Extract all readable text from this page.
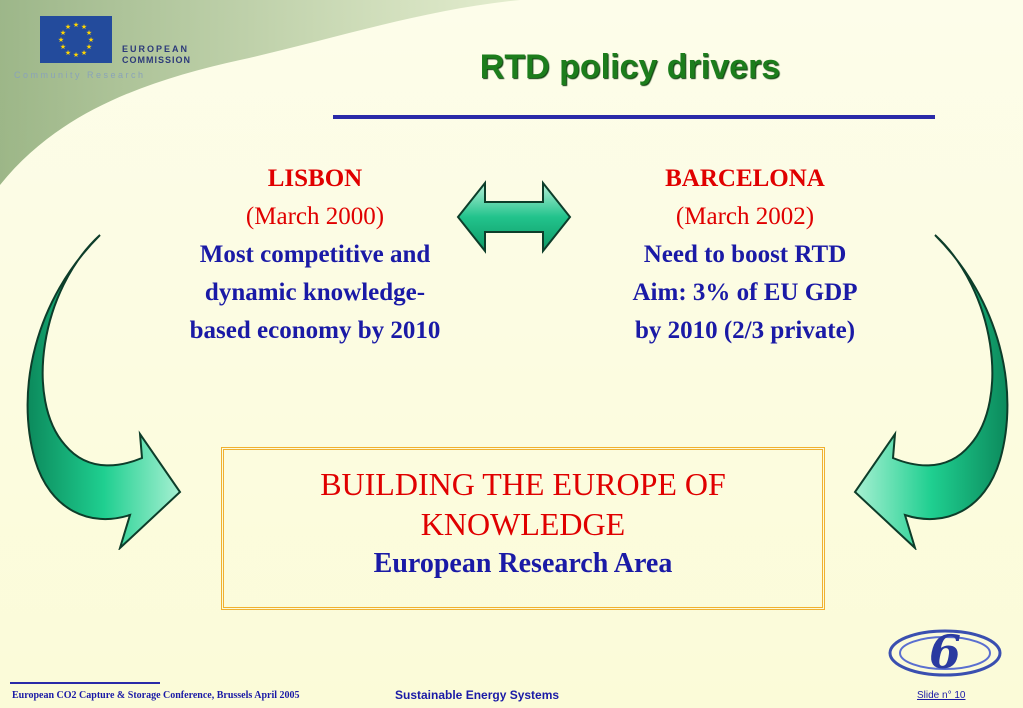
★ ★
★
★
★
★
★
★
★
★
★
★
EUROPEAN
COMMISSION
Community Research	RTD policy drivers
LISBON
(March 2000)
Most competitive and
dynamic knowledge-
based economy by 2010
BARCELONA
(March 2002)
Need to boost RTD
Aim: 3% of EU GDP
by 2010 (2/3 private)
BUILDING THE EUROPE OF
KNOWLEDGE
European Research Area
6
European CO2 Capture & Storage Conference, Brussels April 2005	Sustainable Energy Systems	Slide n° 10
